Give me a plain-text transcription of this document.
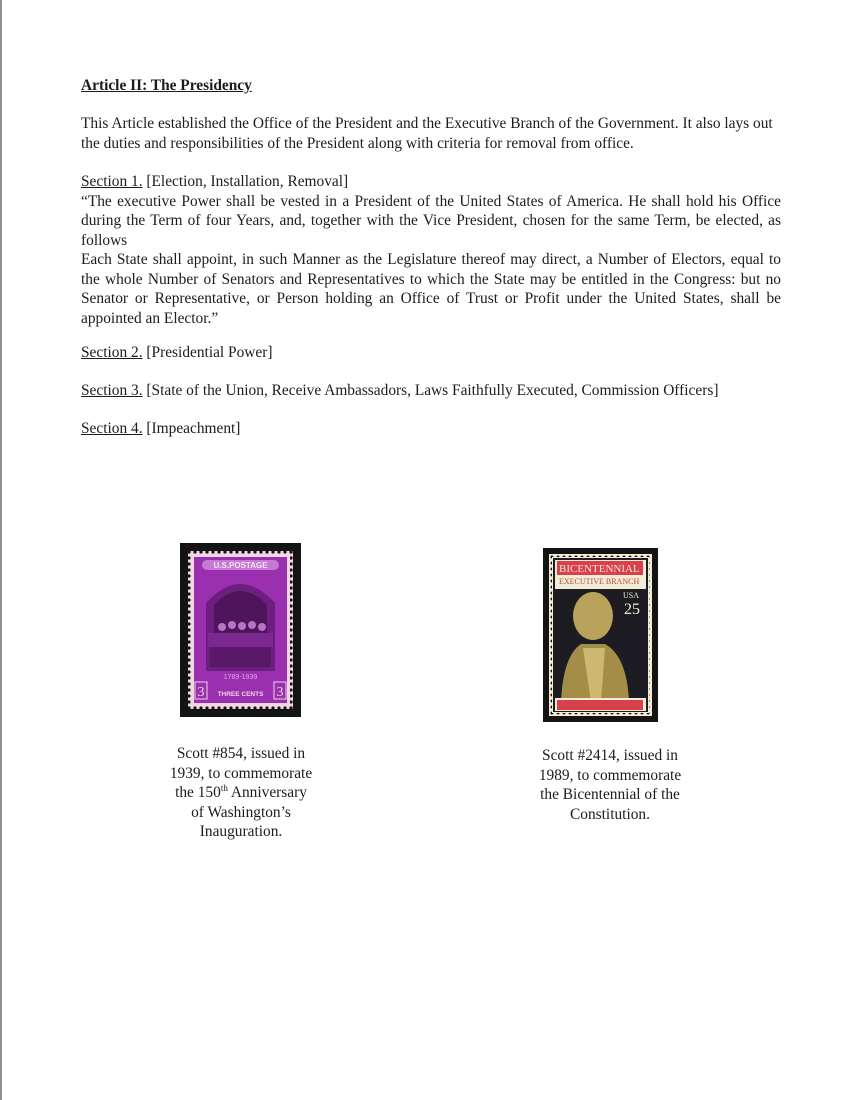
Article II: The Presidency

This Article established the Office of the President and the Executive Branch of the Government. It also lays out the duties and responsibilities of the President along with criteria for removal from office.

Section 1. [Election, Installation, Removal]

“The executive Power shall be vested in a President of the United States of America. He shall hold his Office during the Term of four Years, and, together with the Vice President, chosen for the same Term, be elected, as follows

Each State shall appoint, in such Manner as the Legislature thereof may direct, a Number of Electors, equal to the whole Number of Senators and Representatives to which the State may be entitled in the Congress: but no Senator or Representative, or Person holding an Office of Trust or Profit under the United States, shall be appointed an Elector.”

Section 2. [Presidential Power]
Section 3. [State of the Union, Receive Ambassadors, Laws Faithfully Executed, Commission Officers]
Section 4. [Impeachment]
U.S.POSTAGE
1789-1939
3	3
THREE CENTS
BICENTENNIAL
EXECUTIVE BRANCH
USA
25
Scott #854, issued in
1939, to commemorate
the 150th Anniversary
of Washington’s
Inauguration.
Scott #2414, issued in
1989, to commemorate
the Bicentennial of the
Constitution.
